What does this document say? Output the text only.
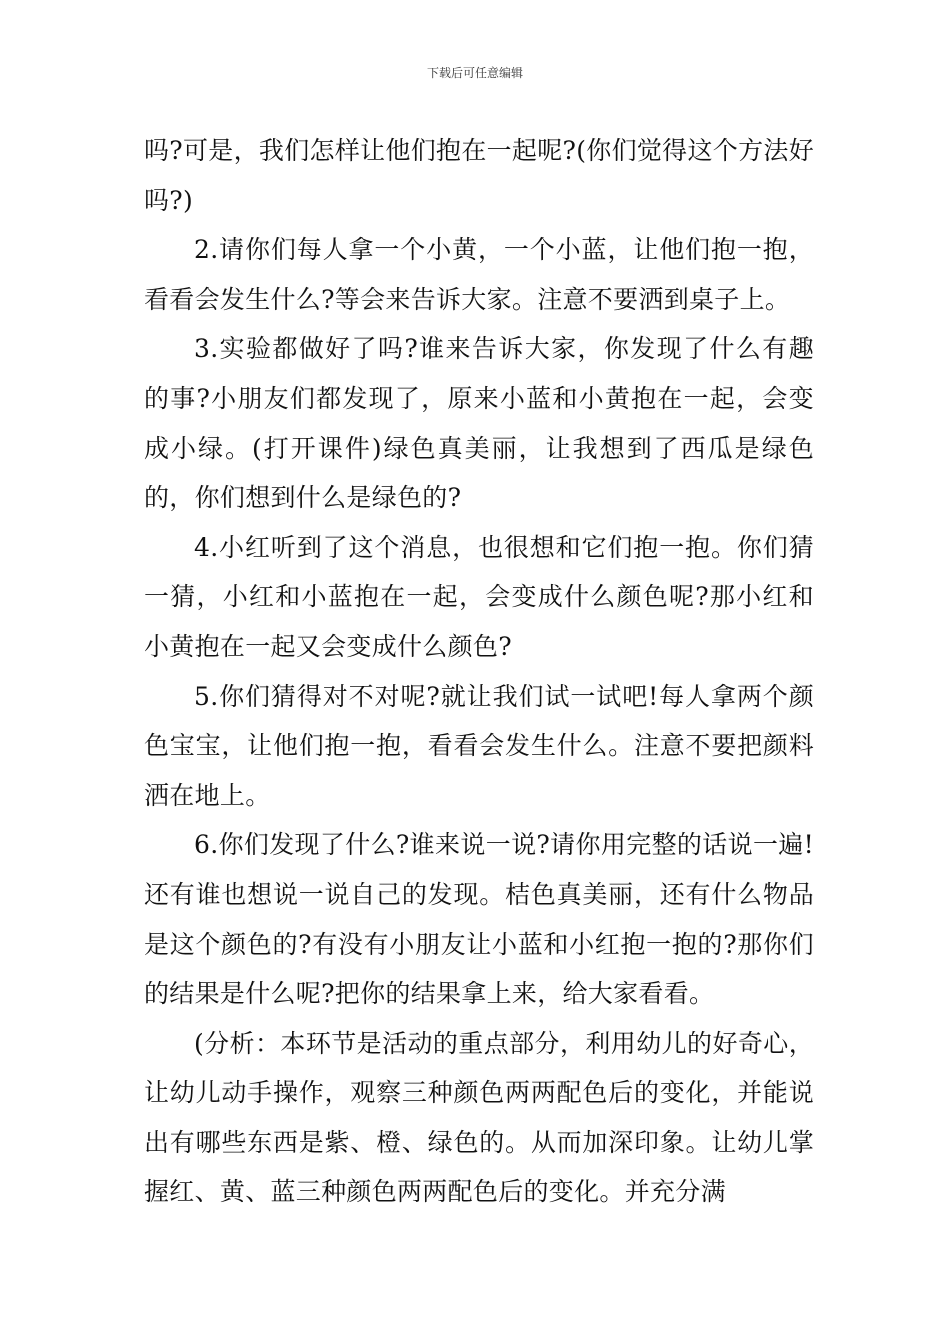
下载后可任意编辑

吗?可是，我们怎样让他们抱在一起呢?(你们觉得这个方法好吗?)

2.请你们每人拿一个小黄，一个小蓝，让他们抱一抱，看看会发生什么?等会来告诉大家。注意不要洒到桌子上。

3.实验都做好了吗?谁来告诉大家，你发现了什么有趣的事?小朋友们都发现了，原来小蓝和小黄抱在一起，会变成小绿。(打开课件)绿色真美丽，让我想到了西瓜是绿色的，你们想到什么是绿色的?

4.小红听到了这个消息，也很想和它们抱一抱。你们猜一猜，小红和小蓝抱在一起，会变成什么颜色呢?那小红和小黄抱在一起又会变成什么颜色?

5.你们猜得对不对呢?就让我们试一试吧!每人拿两个颜色宝宝，让他们抱一抱，看看会发生什么。注意不要把颜料洒在地上。

6.你们发现了什么?谁来说一说?请你用完整的话说一遍!还有谁也想说一说自己的发现。桔色真美丽，还有什么物品是这个颜色的?有没有小朋友让小蓝和小红抱一抱的?那你们的结果是什么呢?把你的结果拿上来，给大家看看。

(分析：本环节是活动的重点部分，利用幼儿的好奇心，让幼儿动手操作，观察三种颜色两两配色后的变化，并能说出有哪些东西是紫、橙、绿色的。从而加深印象。让幼儿掌握红、黄、蓝三种颜色两两配色后的变化。并充分满
